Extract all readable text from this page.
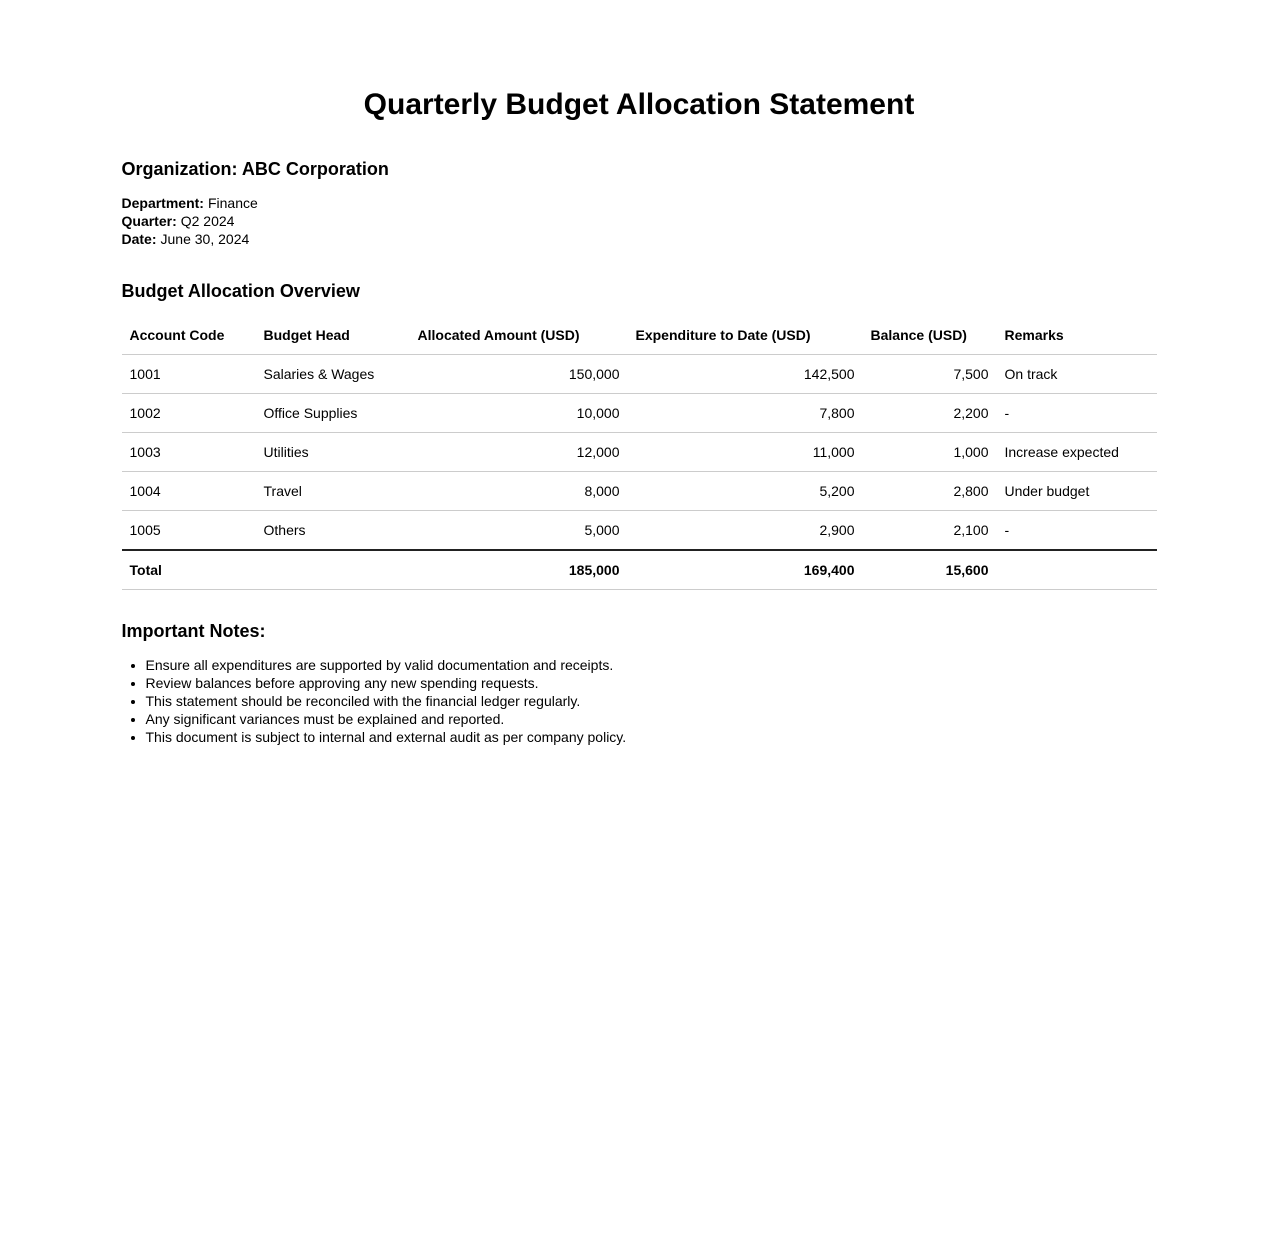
Quarterly Budget Allocation Statement
Organization: ABC Corporation
Department: Finance
Quarter: Q2 2024
Date: June 30, 2024
Budget Allocation Overview
Account Code	Budget Head	Allocated Amount (USD)	Expenditure to Date (USD)	Balance (USD)	Remarks
1001	Salaries & Wages	150,000	142,500	7,500	On track
1002	Office Supplies	10,000	7,800	2,200	-
1003	Utilities	12,000	11,000	1,000	Increase expected
1004	Travel	8,000	5,200	2,800	Under budget
1005	Others	5,000	2,900	2,100	-
Total		185,000	169,400	15,600	
Important Notes:
• Ensure all expenditures are supported by valid documentation and receipts.
• Review balances before approving any new spending requests.
• This statement should be reconciled with the financial ledger regularly.
• Any significant variances must be explained and reported.
• This document is subject to internal and external audit as per company policy.
